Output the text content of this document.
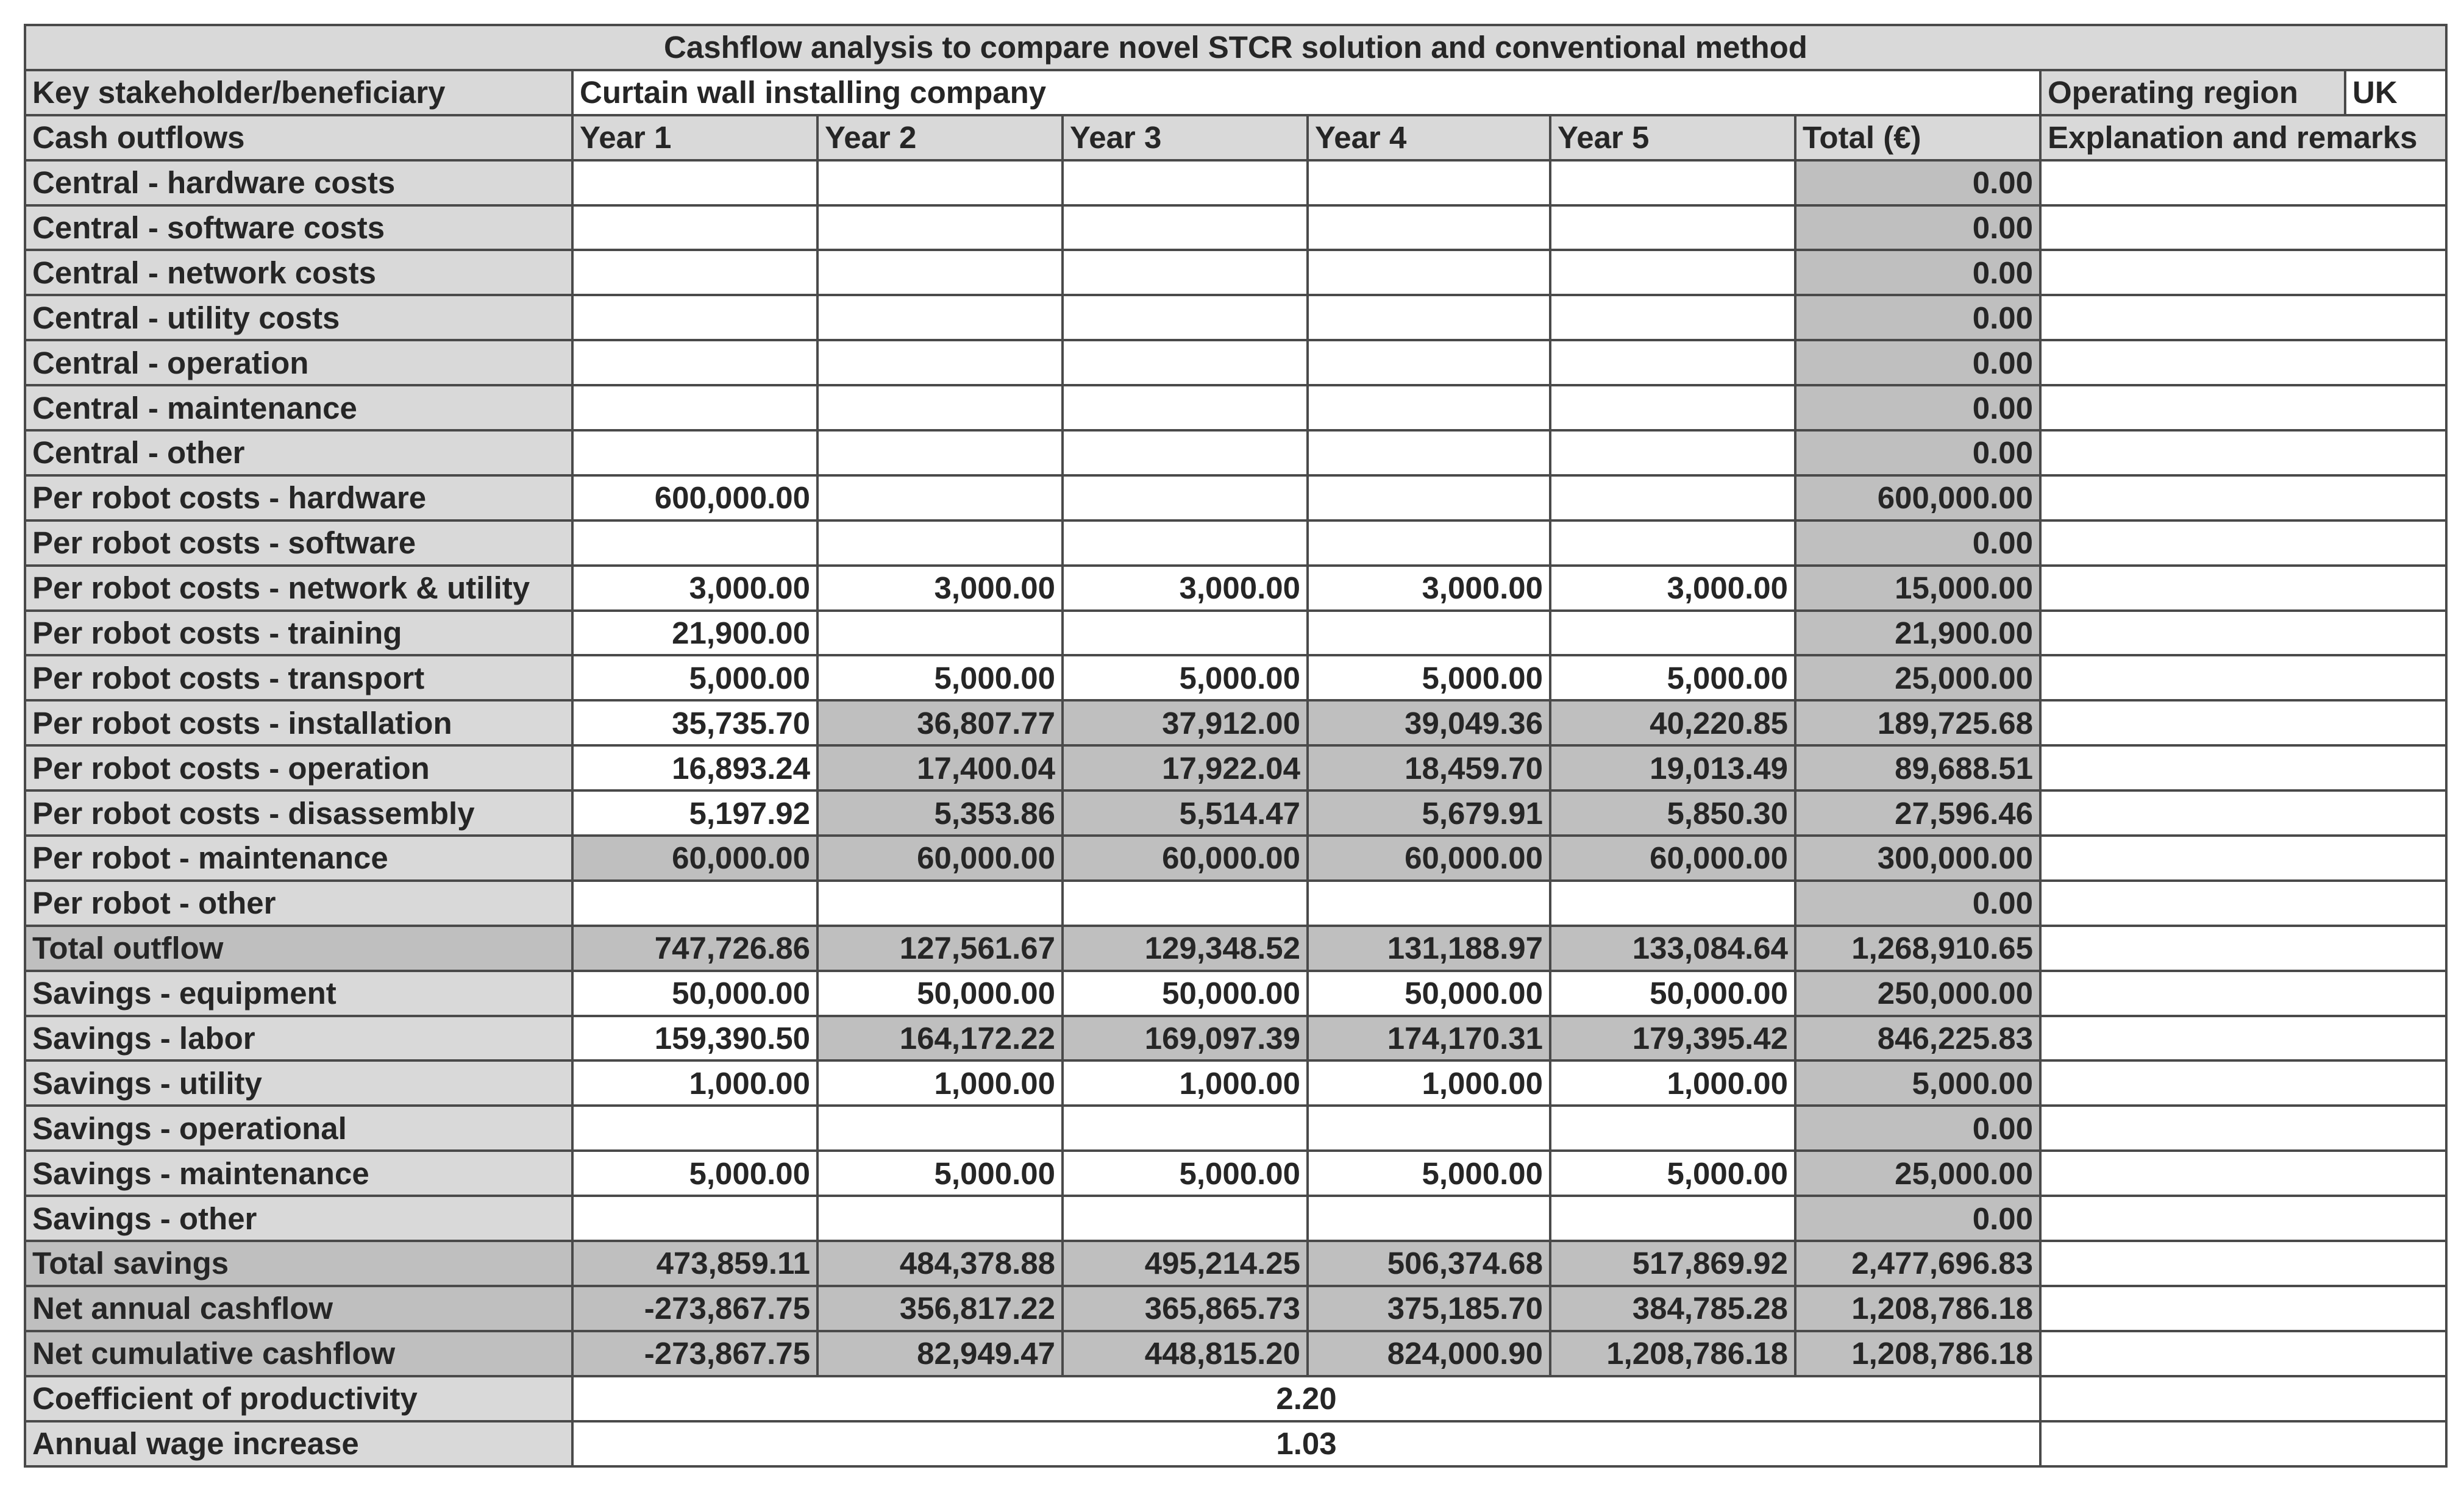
Cashflow analysis to compare novel STCR solution and conventional method								
Key stakeholder/beneficiary	Curtain wall installing company						Operating region	UK
Cash outflows	Year 1	Year 2	Year 3	Year 4	Year 5	Total (€)	Explanation and remarks	
Central - hardware costs						0.00		
Central - software costs						0.00		
Central - network costs						0.00		
Central - utility costs						0.00		
Central - operation						0.00		
Central - maintenance						0.00		
Central - other						0.00		
Per robot costs - hardware	600,000.00					600,000.00		
Per robot costs - software						0.00		
Per robot costs - network & utility	3,000.00	3,000.00	3,000.00	3,000.00	3,000.00	15,000.00		
Per robot costs - training	21,900.00					21,900.00		
Per robot costs - transport	5,000.00	5,000.00	5,000.00	5,000.00	5,000.00	25,000.00		
Per robot costs - installation	35,735.70	36,807.77	37,912.00	39,049.36	40,220.85	189,725.68		
Per robot costs - operation	16,893.24	17,400.04	17,922.04	18,459.70	19,013.49	89,688.51		
Per robot costs - disassembly	5,197.92	5,353.86	5,514.47	5,679.91	5,850.30	27,596.46		
Per robot - maintenance	60,000.00	60,000.00	60,000.00	60,000.00	60,000.00	300,000.00		
Per robot - other						0.00		
Total outflow	747,726.86	127,561.67	129,348.52	131,188.97	133,084.64	1,268,910.65		
Savings - equipment	50,000.00	50,000.00	50,000.00	50,000.00	50,000.00	250,000.00		
Savings - labor	159,390.50	164,172.22	169,097.39	174,170.31	179,395.42	846,225.83		
Savings - utility	1,000.00	1,000.00	1,000.00	1,000.00	1,000.00	5,000.00		
Savings - operational						0.00		
Savings - maintenance	5,000.00	5,000.00	5,000.00	5,000.00	5,000.00	25,000.00		
Savings - other						0.00		
Total savings	473,859.11	484,378.88	495,214.25	506,374.68	517,869.92	2,477,696.83		
Net annual cashflow	-273,867.75	356,817.22	365,865.73	375,185.70	384,785.28	1,208,786.18		
Net cumulative cashflow	-273,867.75	82,949.47	448,815.20	824,000.90	1,208,786.18	1,208,786.18		
Coefficient of productivity	2.20							
Annual wage increase	1.03							
